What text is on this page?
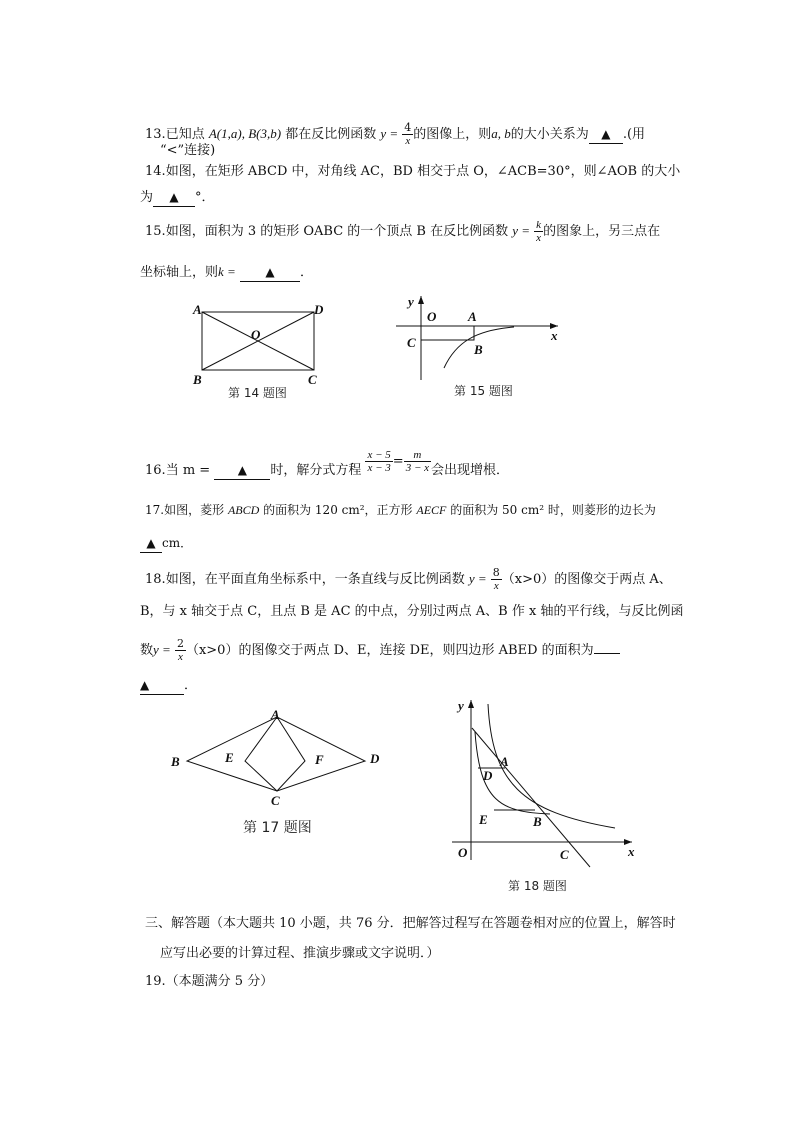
13.已知点 A(1,a), B(3,b) 都在反比例函数 $y = \frac{4}{x}$ 的图像上，则a, b的大小关系为 ▲ .(用
“<”连接)
14.如图，在矩形 ABCD 中，对角线 AC，BD 相交于点 O，∠ACB=30°，则∠AOB 的大小
为 ▲ °．
15.如图，面积为 3 的矩形 OABC 的一个顶点 B 在反比例函数 $y = \frac{k}{x}$ 的图象上，另三点在
坐标轴上，则k = ▲ ．
A	D
B	C
O
第 14 题图
y
O A
C	B
x
第 15 题图
16.当 m = ▲ 时，解分式方程 $\frac{x - 5}{x - 3} = \frac{m}{3 - x}$ 会出现增根．
17.如图，菱形 ABCD 的面积为 120 cm²，正方形 AECF 的面积为 50 cm² 时，则菱形的边长为
▲ cm．
18.如图，在平面直角坐标系中，一条直线与反比例函数 $y = \frac{8}{x} (x>0)$的图像交于两点 A、
B，与 x 轴交于点 C，且点 B 是 AC 的中点，分别过两点 A、B 作 x 轴的平行线，与反比例函
数$y = \frac{2}{x} (x>0)$的图像交于两点 D、E，连接 DE，则四边形 ABED 的面积为
▲	．
A
B
C
D
E	F
第 17 题图
y
A
D
E	B
O	C	x
第 18 题图
三、解答题（本大题共 10 小题，共 76 分．把解答过程写在答题卷相对应的位置上，解答时
应写出必要的计算过程、推演步骤或文字说明．）
19.（本题满分 5 分）
